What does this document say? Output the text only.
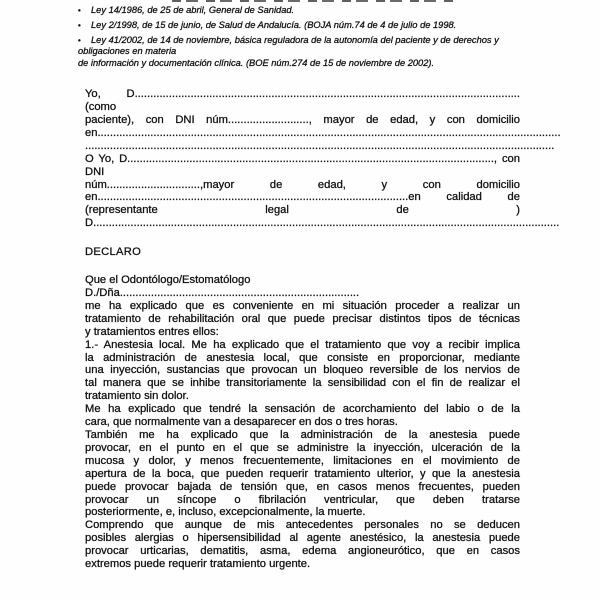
• Ley 14/1986, de 25 de abril, General de Sanidad.
• Ley 2/1998, de 15 de junio, de Salud de Andalucía. (BOJA núm.74 de 4 de julio de 1998.
• Ley 41/2002, de 14 de noviembre, básica reguladora de la autonomía del paciente y de derechos y
obligaciones en materia
de información y documentación clínica. (BOE núm.274 de 15 de noviembre de 2002).
Yo, D............................................................................................................................(como
paciente), con DNI núm.........................., mayor de edad, y con domicilio
en.....................................................................................................................................................
.......................................................................................................................................................
O Yo, D......................................................................................................................, con DNI
núm..............................,mayor de edad, y con domicilio
en....................................................................................................en calidad de
(representante legal de )
D......................................................................................................................................................
DECLARO
Que el Odontólogo/Estomatólogo
D./Dña.............................................................................
me ha explicado que es conveniente en mi situación proceder a realizar un
tratamiento de rehabilitación oral que puede precisar distintos tipos de técnicas
y tratamientos entres ellos:
1.- Anestesia local. Me ha explicado que el tratamiento que voy a recibir implica
la administración de anestesia local, que consiste en proporcionar, mediante
una inyección, sustancias que provocan un bloqueo reversible de los nervios de
tal manera que se inhibe transitoriamente la sensibilidad con el fin de realizar el
tratamiento sin dolor.
Me ha explicado que tendré la sensación de acorchamiento del labio o de la
cara, que normalmente van a desaparecer en dos o tres horas.
También me ha explicado que la administración de la anestesia puede
provocar, en el punto en el que se administre la inyección, ulceración de la
mucosa y dolor, y menos frecuentemente, limitaciones en el movimiento de
apertura de la boca, que pueden requerir tratamiento ulterior, y que la anestesia
puede provocar bajada de tensión que, en casos menos frecuentes, pueden
provocar un síncope o fibrilación ventricular, que deben tratarse
posteriormente, e, incluso, excepcionalmente, la muerte.
Comprendo que aunque de mis antecedentes personales no se deducen
posibles alergias o hipersensibilidad al agente anestésico, la anestesia puede
provocar urticarias, dematitis, asma, edema angioneurótico, que en casos
extremos puede requerir tratamiento urgente.
